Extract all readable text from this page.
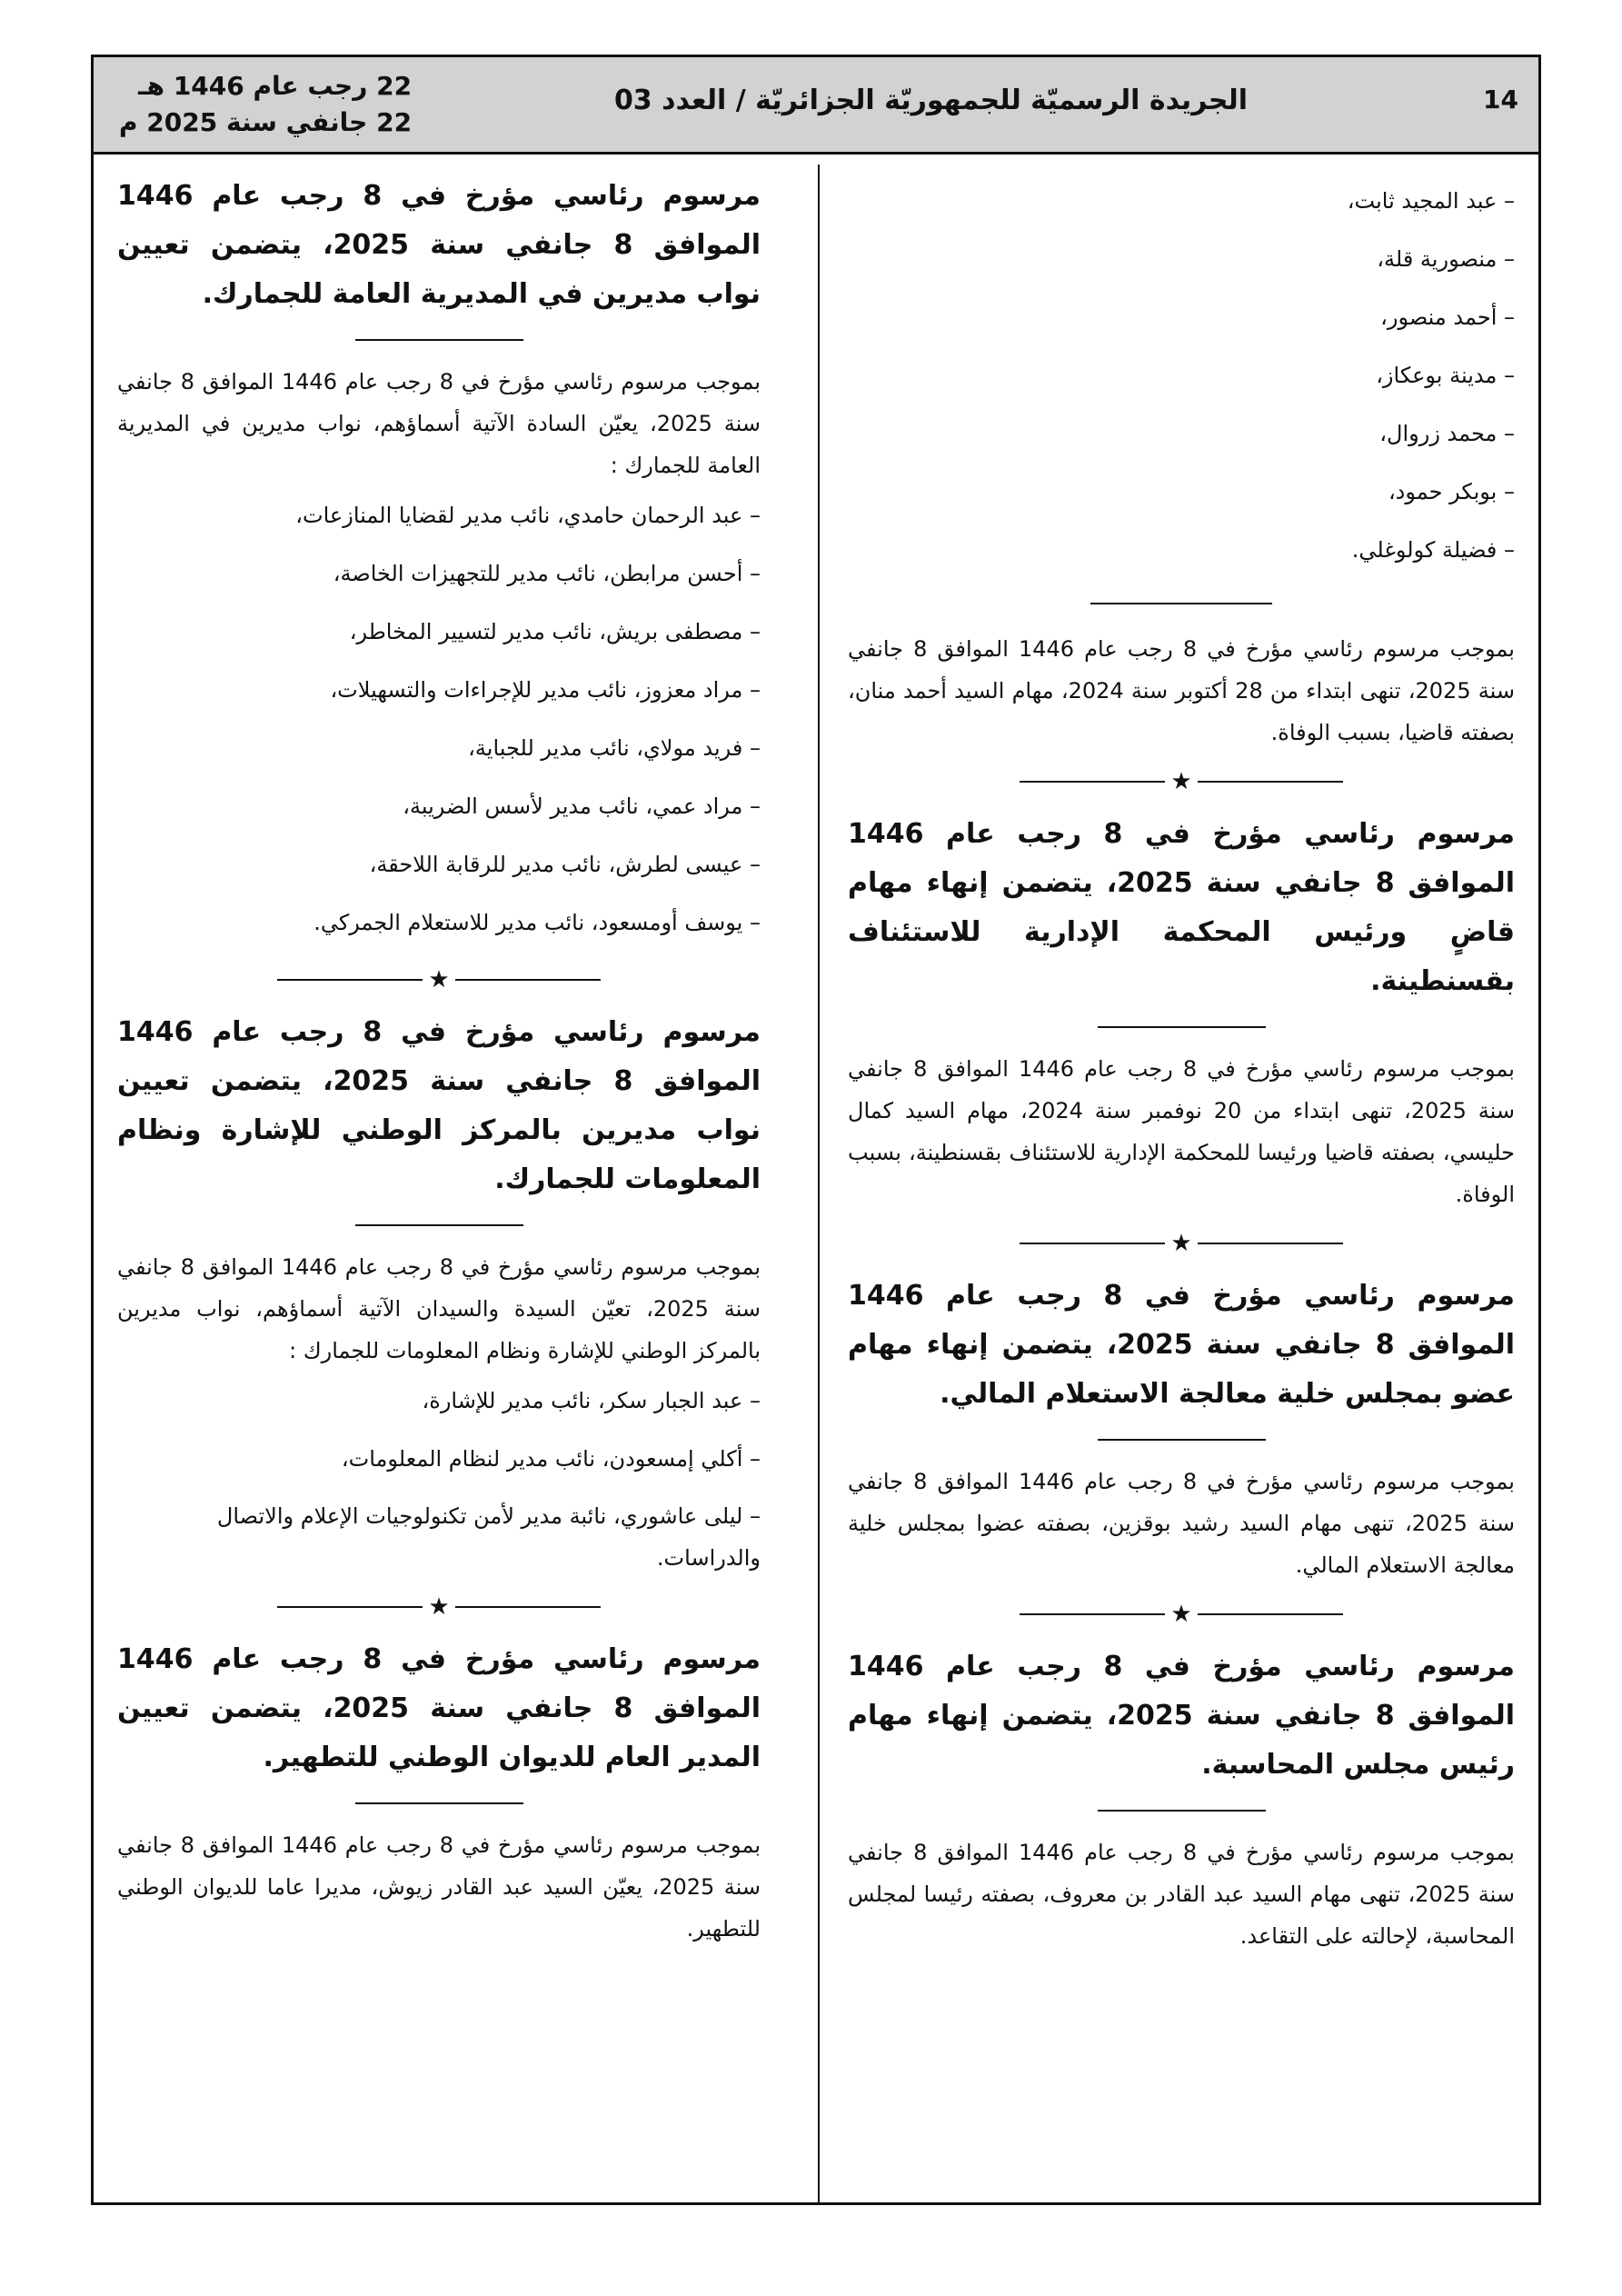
14
الجريدة الرسميّة للجمهوريّة الجزائريّة / العدد 03
22 رجب عام 1446 هـ
22 جانفي سنة 2025 م
– عبد المجيد ثابت،
– منصورية قلة،
– أحمد منصور،
– مدينة بوعكاز،
– محمد زروال،
– بوبكر حمود،
– فضيلة كولوغلي.

بموجب مرسوم رئاسي مؤرخ في 8 رجب عام 1446 الموافق 8 جانفي سنة 2025، تنهى ابتداء من 28 أكتوبر سنة 2024، مهام السيد أحمد منان، بصفته قاضيا، بسبب الوفاة.

★

مرسوم رئاسي مؤرخ في 8 رجب عام 1446 الموافق 8 جانفي سنة 2025، يتضمن إنهاء مهام قاضٍ ورئيس المحكمة الإدارية للاستئناف بقسنطينة.

بموجب مرسوم رئاسي مؤرخ في 8 رجب عام 1446 الموافق 8 جانفي سنة 2025، تنهى ابتداء من 20 نوفمبر سنة 2024، مهام السيد كمال حليسي، بصفته قاضيا ورئيسا للمحكمة الإدارية للاستئناف بقسنطينة، بسبب الوفاة.

★

مرسوم رئاسي مؤرخ في 8 رجب عام 1446 الموافق 8 جانفي سنة 2025، يتضمن إنهاء مهام عضو بمجلس خلية معالجة الاستعلام المالي.

بموجب مرسوم رئاسي مؤرخ في 8 رجب عام 1446 الموافق 8 جانفي سنة 2025، تنهى مهام السيد رشيد بوقزين، بصفته عضوا بمجلس خلية معالجة الاستعلام المالي.

★

مرسوم رئاسي مؤرخ في 8 رجب عام 1446 الموافق 8 جانفي سنة 2025، يتضمن إنهاء مهام رئيس مجلس المحاسبة.

بموجب مرسوم رئاسي مؤرخ في 8 رجب عام 1446 الموافق 8 جانفي سنة 2025، تنهى مهام السيد عبد القادر بن معروف، بصفته رئيسا لمجلس المحاسبة، لإحالته على التقاعد.

مرسوم رئاسي مؤرخ في 8 رجب عام 1446 الموافق 8 جانفي سنة 2025، يتضمن تعيين نواب مديرين في المديرية العامة للجمارك.

بموجب مرسوم رئاسي مؤرخ في 8 رجب عام 1446 الموافق 8 جانفي سنة 2025، يعيّن السادة الآتية أسماؤهم، نواب مديرين في المديرية العامة للجمارك :

– عبد الرحمان حامدي، نائب مدير لقضايا المنازعات،
– أحسن مرابطن، نائب مدير للتجهيزات الخاصة،
– مصطفى بريش، نائب مدير لتسيير المخاطر،
– مراد معزوز، نائب مدير للإجراءات والتسهيلات،
– فريد مولاي، نائب مدير للجباية،
– مراد عمي، نائب مدير لأسس الضريبة،
– عيسى لطرش، نائب مدير للرقابة اللاحقة،
– يوسف أومسعود، نائب مدير للاستعلام الجمركي.
★

مرسوم رئاسي مؤرخ في 8 رجب عام 1446 الموافق 8 جانفي سنة 2025، يتضمن تعيين نواب مديرين بالمركز الوطني للإشارة ونظام المعلومات للجمارك.

بموجب مرسوم رئاسي مؤرخ في 8 رجب عام 1446 الموافق 8 جانفي سنة 2025، تعيّن السيدة والسيدان الآتية أسماؤهم، نواب مديرين بالمركز الوطني للإشارة ونظام المعلومات للجمارك :

– عبد الجبار سكر، نائب مدير للإشارة،
– أكلي إمسعودن، نائب مدير لنظام المعلومات،
– ليلى عاشوري، نائبة مدير لأمن تكنولوجيات الإعلام والاتصال والدراسات.
★

مرسوم رئاسي مؤرخ في 8 رجب عام 1446 الموافق 8 جانفي سنة 2025، يتضمن تعيين المدير العام للديوان الوطني للتطهير.

بموجب مرسوم رئاسي مؤرخ في 8 رجب عام 1446 الموافق 8 جانفي سنة 2025، يعيّن السيد عبد القادر زيوش، مديرا عاما للديوان الوطني للتطهير.
